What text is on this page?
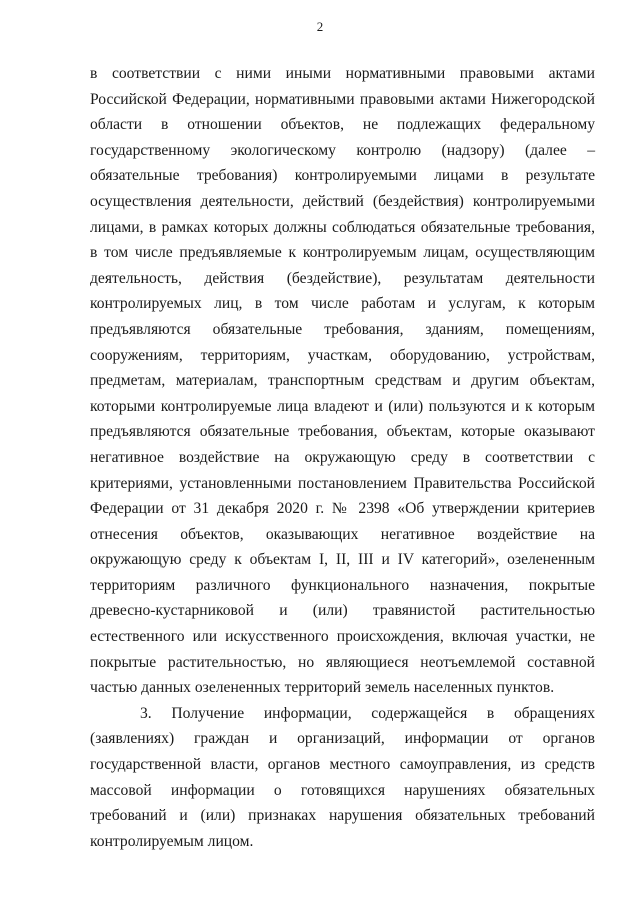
2

в соответствии с ними иными нормативными правовыми актами Российской Федерации, нормативными правовыми актами Нижегородской области в отношении объектов, не подлежащих федеральному государственному экологическому контролю (надзору) (далее – обязательные требования) контролируемыми лицами в результате осуществления деятельности, действий (бездействия) контролируемыми лицами, в рамках которых должны соблюдаться обязательные требования, в том числе предъявляемые к контролируемым лицам, осуществляющим деятельность, действия (бездействие), результатам деятельности контролируемых лиц, в том числе работам и услугам, к которым предъявляются обязательные требования, зданиям, помещениям, сооружениям, территориям, участкам, оборудованию, устройствам, предметам, материалам, транспортным средствам и другим объектам, которыми контролируемые лица владеют и (или) пользуются и к которым предъявляются обязательные требования, объектам, которые оказывают негативное воздействие на окружающую среду в соответствии с критериями, установленными постановлением Правительства Российской Федерации от 31 декабря 2020 г. № 2398 «Об утверждении критериев отнесения объектов, оказывающих негативное воздействие на окружающую среду к объектам I, II, III и IV категорий», озелененным территориям различного функционального назначения, покрытые древесно-кустарниковой и (или) травянистой растительностью естественного или искусственного происхождения, включая участки, не покрытые растительностью, но являющиеся неотъемлемой составной частью данных озелененных территорий земель населенных пунктов.

3. Получение информации, содержащейся в обращениях (заявлениях) граждан и организаций, информации от органов государственной власти, органов местного самоуправления, из средств массовой информации о готовящихся нарушениях обязательных требований и (или) признаках нарушения обязательных требований контролируемым лицом.
